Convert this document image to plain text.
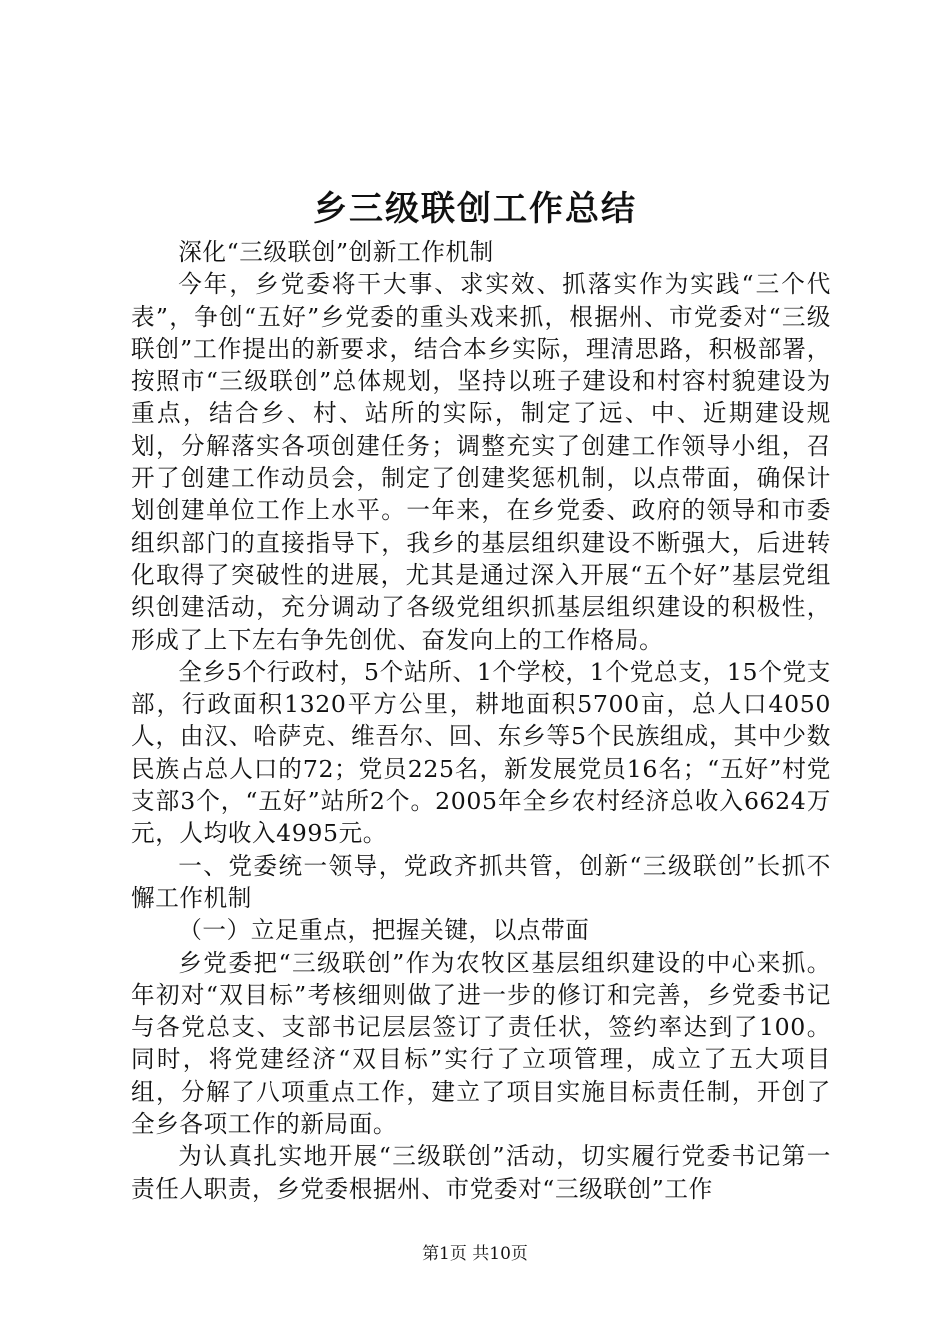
乡三级联创工作总结

深化“三级联创”创新工作机制

今年，乡党委将干大事、求实效、抓落实作为实践“三个代表”，争创“五好”乡党委的重头戏来抓，根据州、市党委对“三级联创”工作提出的新要求，结合本乡实际，理清思路，积极部署，按照市“三级联创”总体规划，坚持以班子建设和村容村貌建设为重点，结合乡、村、站所的实际，制定了远、中、近期建设规划，分解落实各项创建任务；调整充实了创建工作领导小组，召开了创建工作动员会，制定了创建奖惩机制，以点带面，确保计划创建单位工作上水平。一年来，在乡党委、政府的领导和市委组织部门的直接指导下，我乡的基层组织建设不断强大，后进转化取得了突破性的进展，尤其是通过深入开展“五个好”基层党组织创建活动，充分调动了各级党组织抓基层组织建设的积极性，形成了上下左右争先创优、奋发向上的工作格局。

全乡5个行政村，5个站所、1个学校，1个党总支，15个党支部，行政面积1320平方公里，耕地面积5700亩，总人口4050人，由汉、哈萨克、维吾尔、回、东乡等5个民族组成，其中少数民族占总人口的72；党员225名，新发展党员16名；“五好”村党支部3个，“五好”站所2个。2005年全乡农村经济总收入6624万元，人均收入4995元。

一、党委统一领导，党政齐抓共管，创新“三级联创”长抓不懈工作机制

（一）立足重点，把握关键，以点带面

乡党委把“三级联创”作为农牧区基层组织建设的中心来抓。年初对“双目标”考核细则做了进一步的修订和完善，乡党委书记与各党总支、支部书记层层签订了责任状，签约率达到了100。同时，将党建经济“双目标”实行了立项管理，成立了五大项目组，分解了八项重点工作，建立了项目实施目标责任制，开创了全乡各项工作的新局面。

为认真扎实地开展“三级联创”活动，切实履行党委书记第一责任人职责，乡党委根据州、市党委对“三级联创”工作

第1页 共10页
